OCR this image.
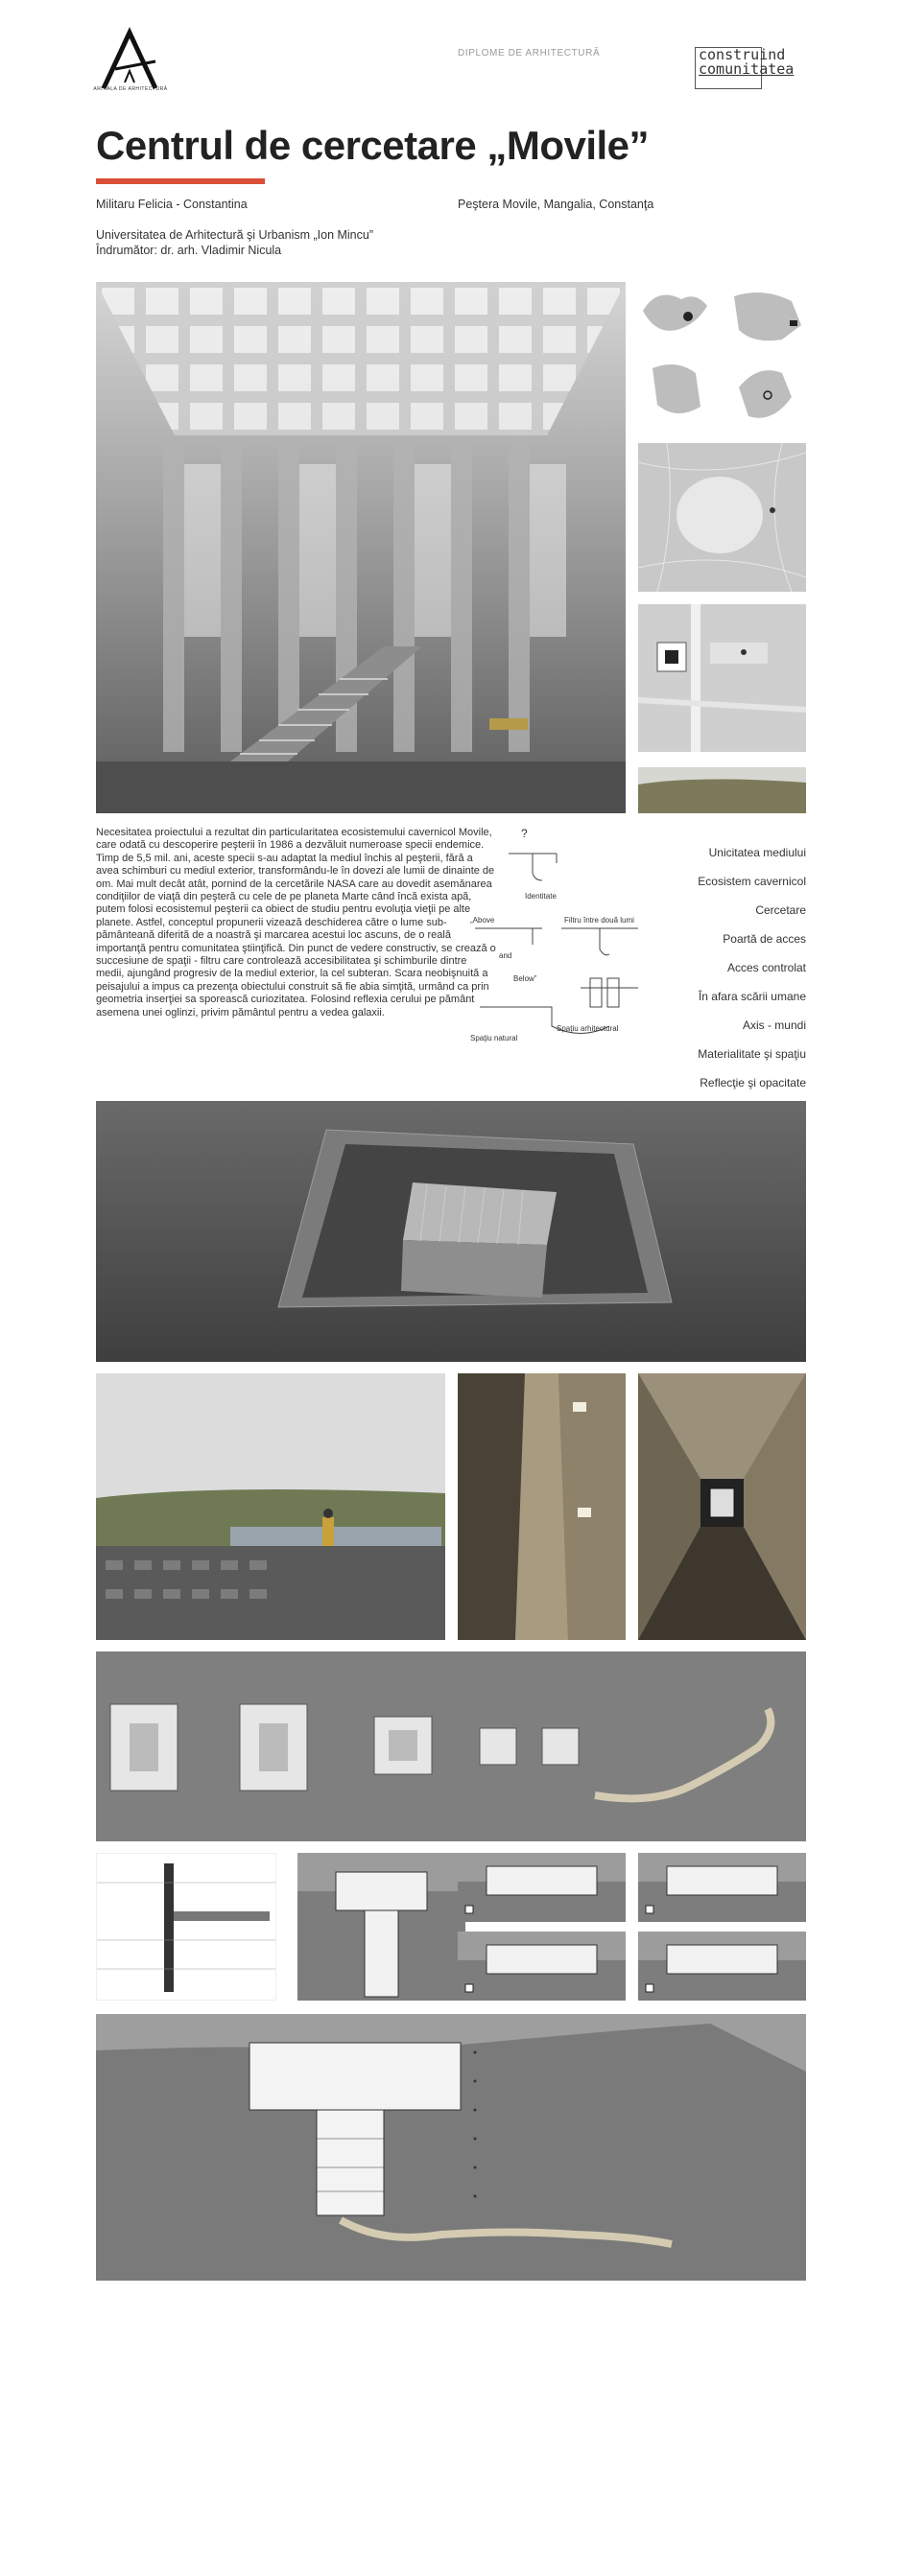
ARHIALA DE ARHITECTURĂ
DIPLOME DE ARHITECTURĂ	construind
comunitatea
Centrul de cercetare „Movile”
Militaru Felicia - Constantina	Peştera Movile, Mangalia, Constanţa
Universitatea de Arhitectură şi Urbanism „Ion Mincu”
Îndrumător: dr. arh. Vladimir Nicula
Necesitatea proiectului a rezultat din particularitatea ecosistemului cavernicol Movile, care odată cu descoperire peşterii în 1986 a dezvăluit numeroase specii endemice. Timp de 5,5 mil. ani, aceste specii s-au adaptat la mediul închis al peşterii, fără a avea schimburi cu mediul exterior, transformându-le în dovezi ale lumii de dinainte de om. Mai mult decât atât, pornind de la cercetările NASA care au dovedit asemănarea condiţiilor de viaţă din peşteră cu cele de pe planeta Marte când încă exista apă, putem folosi ecosistemul peşterii ca obiect de studiu pentru evoluţia vieţii pe alte planete. Astfel, conceptul propunerii vizează deschiderea către o lume sub-pământeană diferită de a noastră şi marcarea acestui loc ascuns, de o reală importanţă pentru comunitatea ştiinţifică. Din punct de vedere constructiv, se crează o succesiune de spaţii - filtru care controlează accesibilitatea şi schimburile dintre medii, ajungând progresiv de la mediul exterior, la cel subteran. Scara neobişnuită a peisajului a impus ca prezenţa obiectului construit să fie abia simţită, urmând ca prin geometria inserţiei sa sporească curiozitatea. Folosind reflexia cerului pe pământ asemena unei oglinzi, privim pământul pentru a vedea galaxii.
?
Identitate
„Above
and
Below”
Filtru între două lumi
Spaţiu natural
Spaţiu arhitectural
Unicitatea mediului
Ecosistem cavernicol
Cercetare
Poartă de acces
Acces controlat
În afara scării umane
Axis - mundi
Materialitate şi spaţiu
Reflecţie şi opacitate
